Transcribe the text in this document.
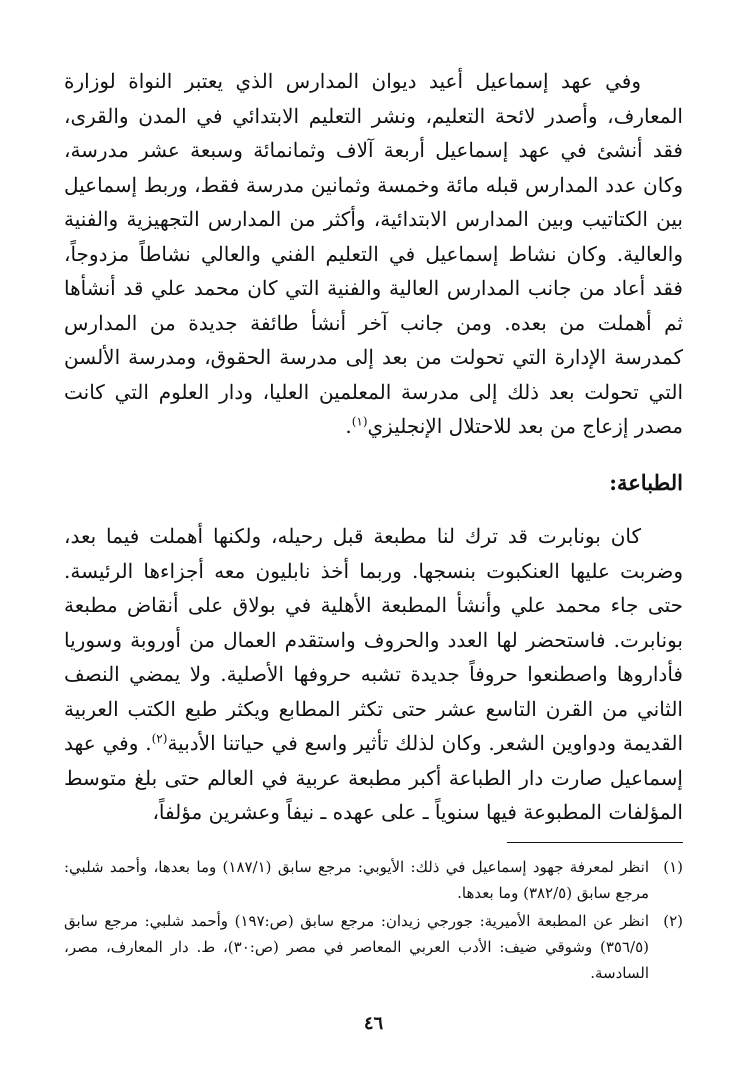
وفي عهد إسماعيل أعيد ديوان المدارس الذي يعتبر النواة لوزارة المعارف، وأصدر لائحة التعليم، ونشر التعليم الابتدائي في المدن والقرى، فقد أنشئ في عهد إسماعيل أربعة آلاف وثمانمائة وسبعة عشر مدرسة، وكان عدد المدارس قبله مائة وخمسة وثمانين مدرسة فقط، وربط إسماعيل بين الكتاتيب وبين المدارس الابتدائية، وأكثر من المدارس التجهيزية والفنية والعالية. وكان نشاط إسماعيل في التعليم الفني والعالي نشاطاً مزدوجاً، فقد أعاد من جانب المدارس العالية والفنية التي كان محمد علي قد أنشأها ثم أهملت من بعده. ومن جانب آخر أنشأ طائفة جديدة من المدارس كمدرسة الإدارة التي تحولت من بعد إلى مدرسة الحقوق، ومدرسة الألسن التي تحولت بعد ذلك إلى مدرسة المعلمين العليا، ودار العلوم التي كانت مصدر إزعاج من بعد للاحتلال الإنجليزي$^{(١)}$.

الطباعة:

كان بونابرت قد ترك لنا مطبعة قبل رحيله، ولكنها أهملت فيما بعد، وضربت عليها العنكبوت بنسجها. وربما أخذ نابليون معه أجزاءها الرئيسة. حتى جاء محمد علي وأنشأ المطبعة الأهلية في بولاق على أنقاض مطبعة بونابرت. فاستحضر لها العدد والحروف واستقدم العمال من أوروبة وسوريا فأداروها واصطنعوا حروفاً جديدة تشبه حروفها الأصلية. ولا يمضي النصف الثاني من القرن التاسع عشر حتى تكثر المطابع ويكثر طبع الكتب العربية القديمة ودواوين الشعر. وكان لذلك تأثير واسع في حياتنا الأدبية$^{(٢)}$. وفي عهد إسماعيل صارت دار الطباعة أكبر مطبعة عربية في العالم حتى بلغ متوسط المؤلفات المطبوعة فيها سنوياً ـ على عهده ـ نيفاً وعشرين مؤلفاً،

(١)
انظر لمعرفة جهود إسماعيل في ذلك: الأيوبي: مرجع سابق (١٨٧/١) وما بعدها، وأحمد شلبي: مرجع سابق (٣٨٢/٥) وما بعدها.
(٢)
انظر عن المطبعة الأميرية: جورجي زيدان: مرجع سابق (ص:١٩٧) وأحمد شلبي: مرجع سابق (٣٥٦/٥) وشوقي ضيف: الأدب العربي المعاصر في مصر (ص:٣٠)، ط. دار المعارف، مصر، السادسة.
٤٦
